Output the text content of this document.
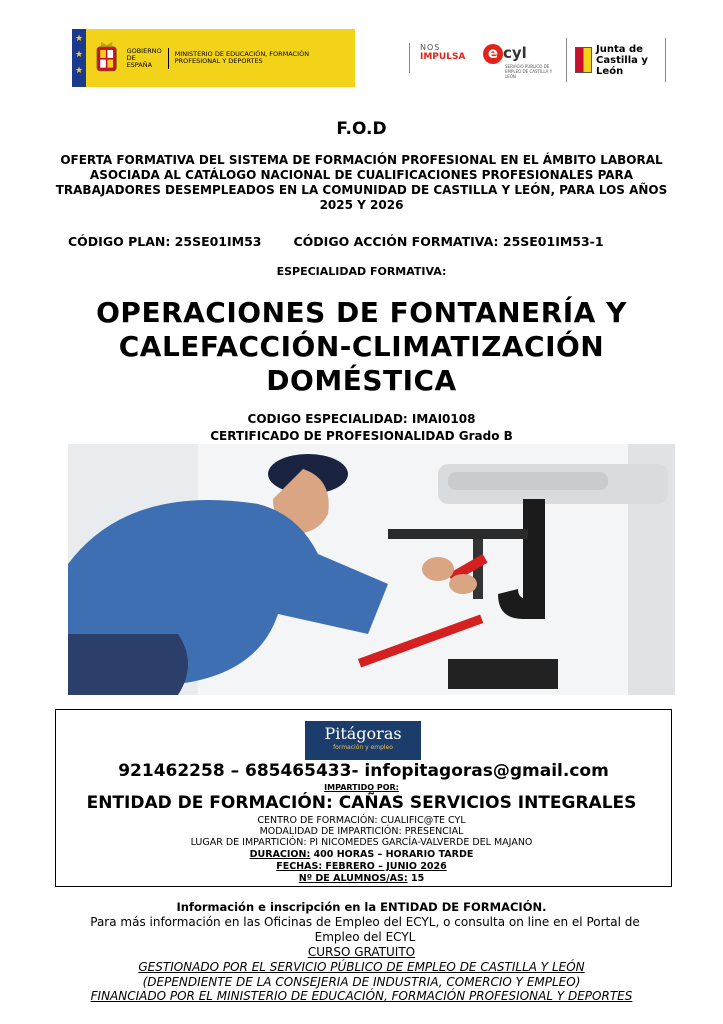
★
★
★
GOBIERNO DE ESPAÑA
MINISTERIO DE EDUCACIÓN, FORMACIÓN PROFESIONAL Y DEPORTES
NOS
IMPULSA	e cyl
SERVICIO PÚBLICO DE EMPLEO DE CASTILLA Y LEÓN
Junta de
Castilla y León
F.O.D
OFERTA FORMATIVA DEL SISTEMA DE FORMACIÓN PROFESIONAL EN EL ÁMBITO LABORAL ASOCIADA AL CATÁLOGO NACIONAL DE CUALIFICACIONES PROFESIONALES PARA TRABAJADORES DESEMPLEADOS EN LA COMUNIDAD DE CASTILLA Y LEÓN, PARA LOS AÑOS 2025 Y 2026
CÓDIGO PLAN: 25SE01IM53	CÓDIGO ACCIÓN FORMATIVA: 25SE01IM53-1
ESPECIALIDAD FORMATIVA:
OPERACIONES DE FONTANERÍA Y
CALEFACCIÓN-CLIMATIZACIÓN
DOMÉSTICA
CODIGO ESPECIALIDAD: IMAI0108
CERTIFICADO DE PROFESIONALIDAD Grado B
Pitágoras
formación y empleo
921462258 – 685465433- infopitagoras@gmail.com
IMPARTIDO POR:
ENTIDAD DE FORMACIÓN: CAÑAS SERVICIOS INTEGRALES
CENTRO DE FORMACIÓN: CUALIFIC@TE CYL
MODALIDAD DE IMPARTICIÓN: PRESENCIAL
LUGAR DE IMPARTICIÓN: PI NICOMEDES GARCÍA-VALVERDE DEL MAJANO
DURACION: 400 HORAS – HORARIO TARDE
FECHAS: FEBRERO – JUNIO 2026
Nº DE ALUMNOS/AS: 15
Información e inscripción en la ENTIDAD DE FORMACIÓN.
Para más información en las Oficinas de Empleo del ECYL, o consulta on line en el Portal de Empleo del ECYL
CURSO GRATUITO
GESTIONADO POR EL SERVICIO PÚBLICO DE EMPLEO DE CASTILLA Y LEÓN
(DEPENDIENTE DE LA CONSEJERIA DE INDUSTRIA, COMERCIO Y EMPLEO)
FINANCIADO POR EL MINISTERIO DE EDUCACIÓN, FORMACIÓN PROFESIONAL Y DEPORTES
